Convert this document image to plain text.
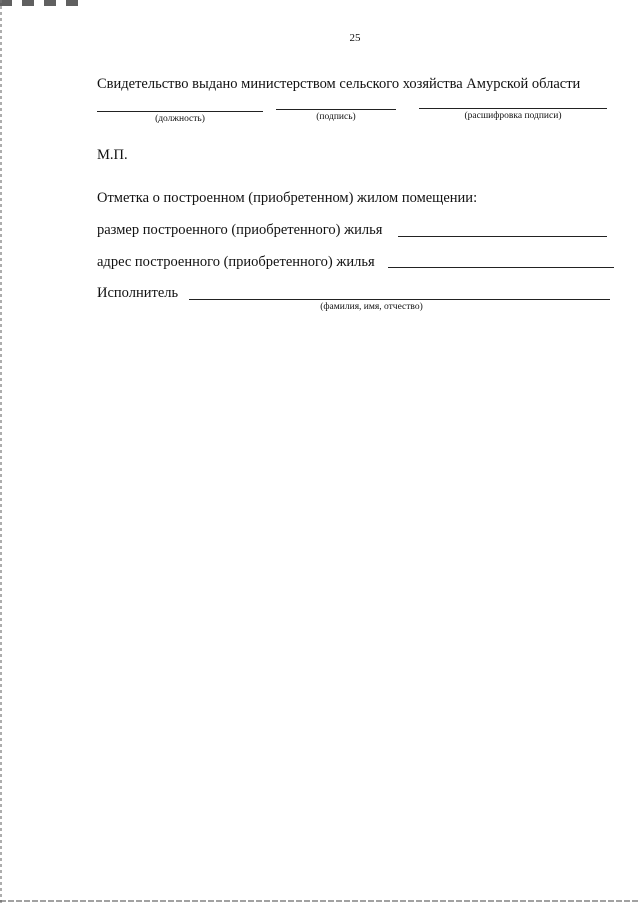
25
Свидетельство выдано министерством сельского хозяйства Амурской области
(должность)	(подпись)	(расшифровка подписи)
М.П.
Отметка о построенном (приобретенном) жилом помещении:
размер построенного (приобретенного) жилья
адрес построенного (приобретенного) жилья
Исполнитель
(фамилия, имя, отчество)
